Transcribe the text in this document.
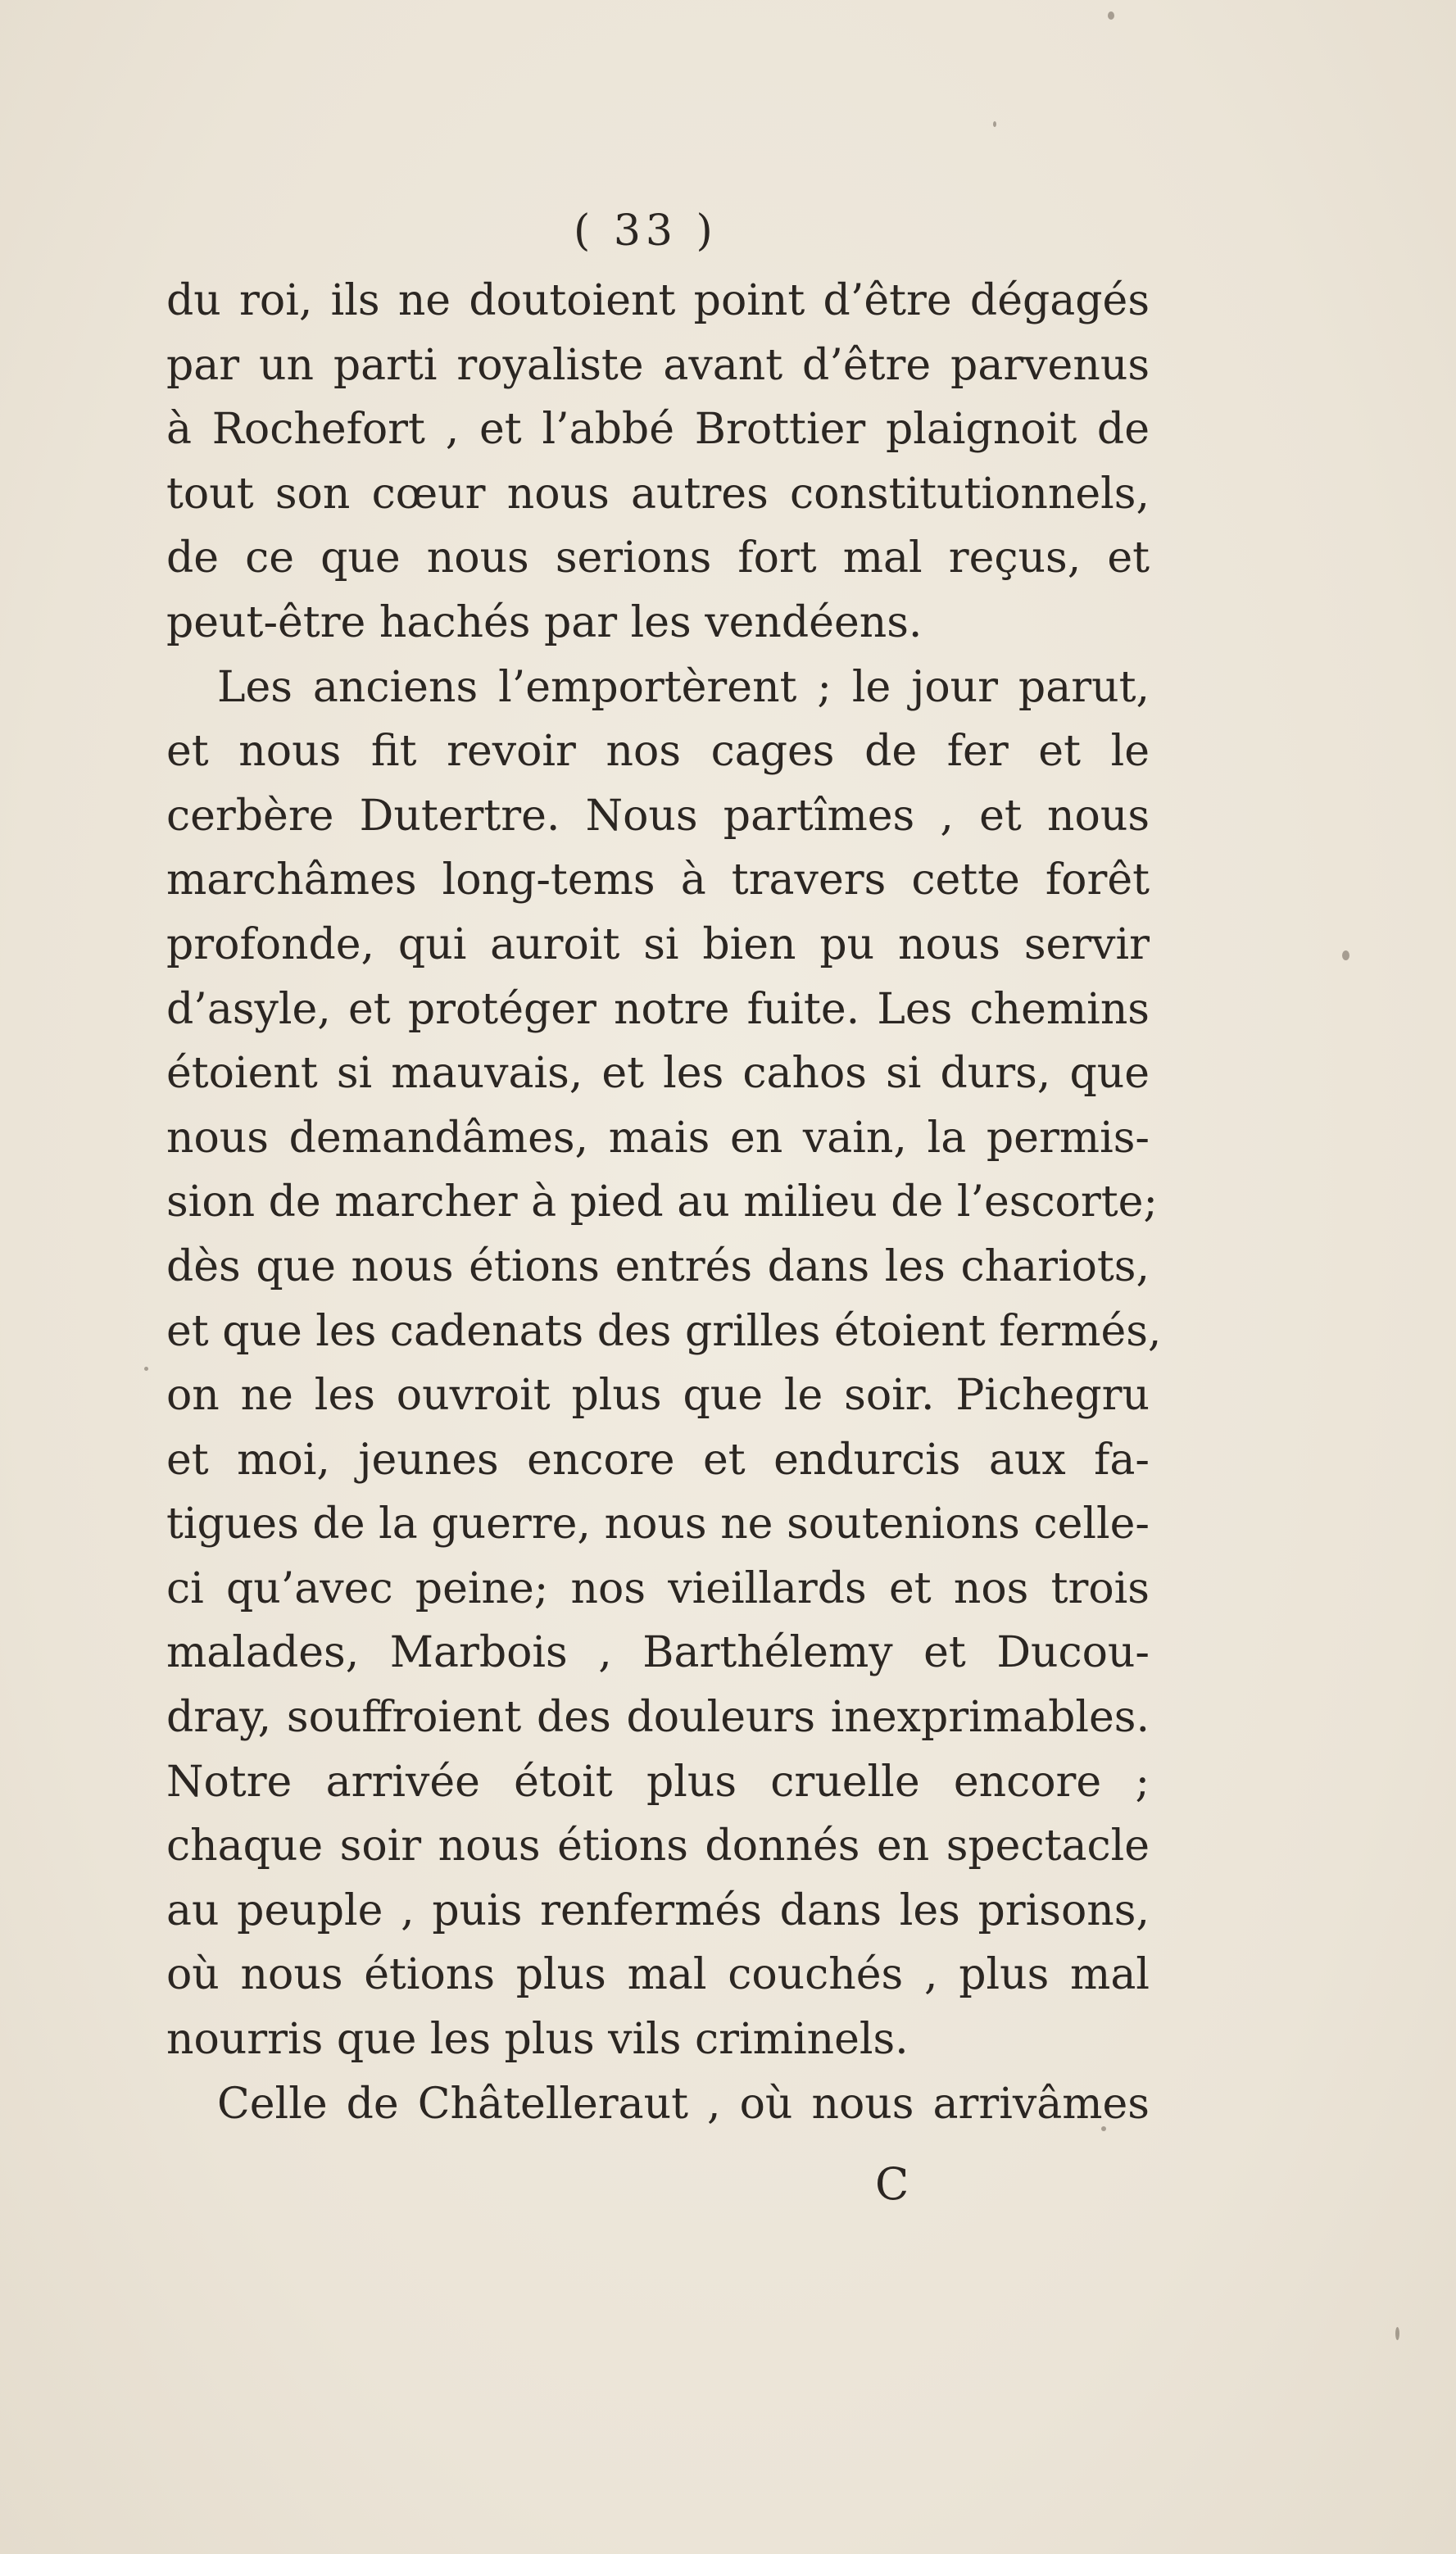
( 33 )
du roi, ils ne doutoient point d’être dégagés
par un parti royaliste avant d’être parvenus
à Rochefort , et l’abbé Brottier plaignoit de
tout son cœur nous autres constitutionnels,
de ce que nous serions fort mal reçus, et
peut-être hachés par les vendéens.
Les anciens l’emportèrent ; le jour parut,
et nous fit revoir nos cages de fer et le
cerbère Dutertre. Nous partîmes , et nous
marchâmes long-tems à travers cette forêt
profonde, qui auroit si bien pu nous servir
d’asyle, et protéger notre fuite. Les chemins
étoient si mauvais, et les cahos si durs, que
nous demandâmes, mais en vain, la permis-
sion de marcher à pied au milieu de l’escorte;
dès que nous étions entrés dans les chariots,
et que les cadenats des grilles étoient fermés,
on ne les ouvroit plus que le soir. Pichegru
et moi, jeunes encore et endurcis aux fa-
tigues de la guerre, nous ne soutenions celle-
ci qu’avec peine; nos vieillards et nos trois
malades, Marbois , Barthélemy et Ducou-
dray, souffroient des douleurs inexprimables.
Notre arrivée étoit plus cruelle encore ;
chaque soir nous étions donnés en spectacle
au peuple , puis renfermés dans les prisons,
où nous étions plus mal couchés , plus mal
nourris que les plus vils criminels.
Celle de Châtelleraut , où nous arrivâmes
C
